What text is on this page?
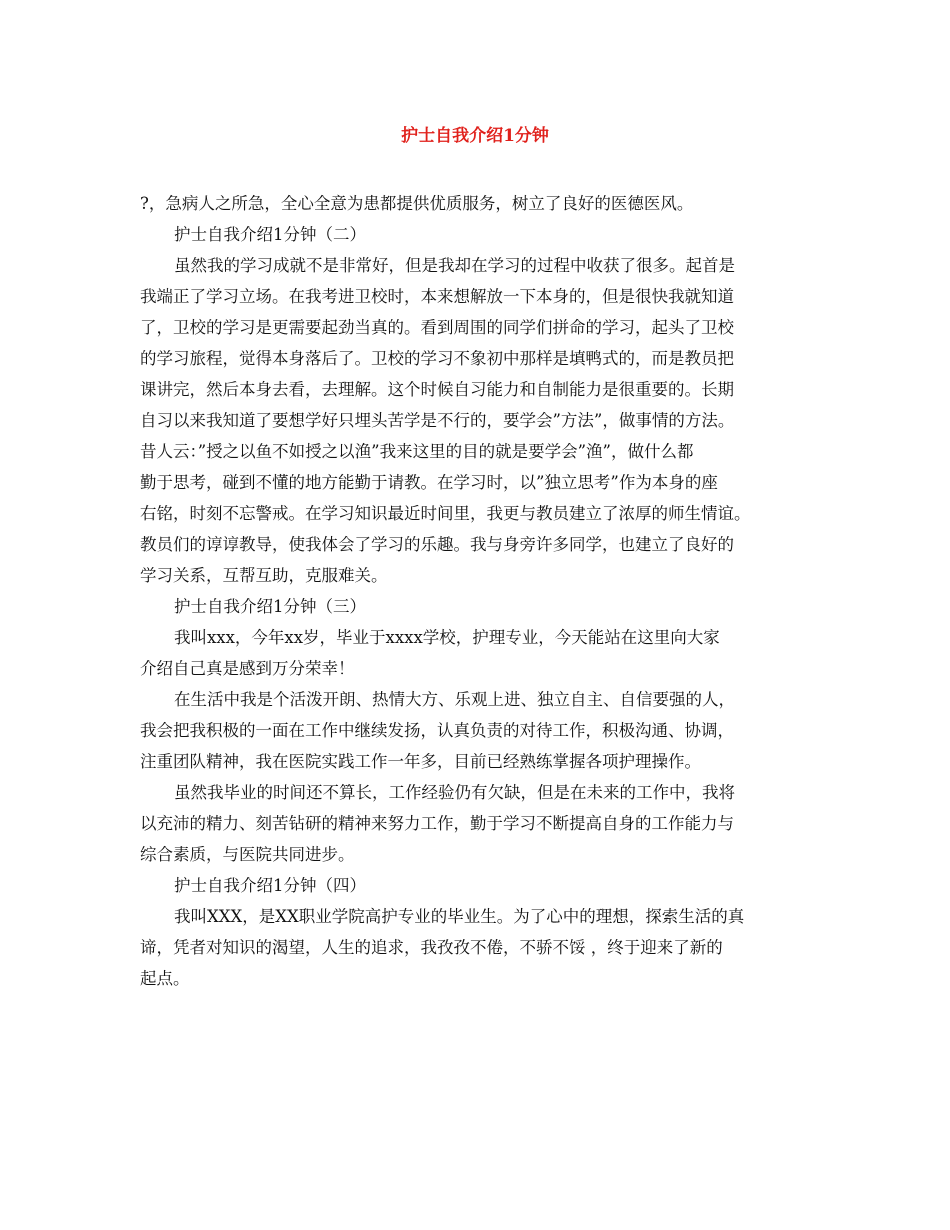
护士自我介绍1分钟
?，急病人之所急，全心全意为患都提供优质服务，树立了良好的医德医风。
护士自我介绍1分钟（二）
虽然我的学习成就不是非常好，但是我却在学习的过程中收获了很多。起首是
我端正了学习立场。在我考进卫校时，本来想解放一下本身的，但是很快我就知道
了，卫校的学习是更需要起劲当真的。看到周围的同学们拼命的学习，起头了卫校
的学习旅程，觉得本身落后了。卫校的学习不象初中那样是填鸭式的，而是教员把
课讲完，然后本身去看，去理解。这个时候自习能力和自制能力是很重要的。长期
自习以来我知道了要想学好只埋头苦学是不行的，要学会”方法”，做事情的方法。
昔人云：”授之以鱼不如授之以渔”我来这里的目的就是要学会”渔”，做什么都
勤于思考，碰到不懂的地方能勤于请教。在学习时，以”独立思考”作为本身的座
右铭，时刻不忘警戒。在学习知识最近时间里，我更与教员建立了浓厚的师生情谊。
教员们的谆谆教导，使我体会了学习的乐趣。我与身旁许多同学，也建立了良好的
学习关系，互帮互助，克服难关。
护士自我介绍1分钟（三）
我叫xxx，今年xx岁，毕业于xxxx学校，护理专业，今天能站在这里向大家
介绍自己真是感到万分荣幸！
在生活中我是个活泼开朗、热情大方、乐观上进、独立自主、自信要强的人，
我会把我积极的一面在工作中继续发扬，认真负责的对待工作，积极沟通、协调，
注重团队精神，我在医院实践工作一年多，目前已经熟练掌握各项护理操作。
虽然我毕业的时间还不算长，工作经验仍有欠缺，但是在未来的工作中，我将
以充沛的精力、刻苦钻研的精神来努力工作，勤于学习不断提高自身的工作能力与
综合素质，与医院共同进步。
护士自我介绍1分钟（四）
我叫XXX，是XX职业学院高护专业的毕业生。为了心中的理想，探索生活的真
谛，凭者对知识的渴望，人生的追求，我孜孜不倦，不骄不馁 ，终于迎来了新的
起点。
